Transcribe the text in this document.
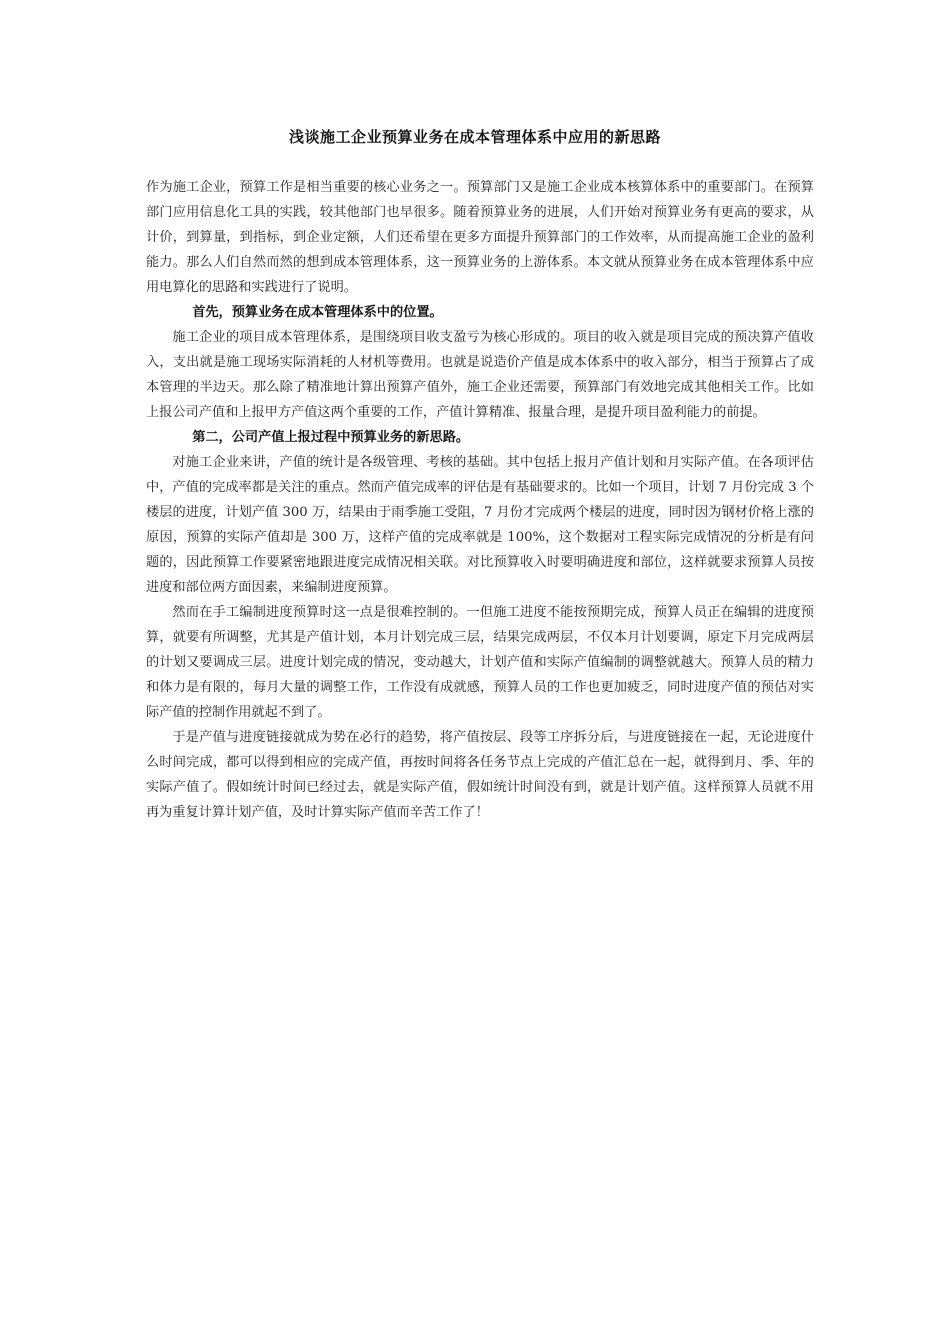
浅谈施工企业预算业务在成本管理体系中应用的新思路

作为施工企业，预算工作是相当重要的核心业务之一。预算部门又是施工企业成本核算体系中的重要部门。在预算部门应用信息化工具的实践，较其他部门也早很多。随着预算业务的进展，人们开始对预算业务有更高的要求，从计价，到算量，到指标，到企业定额，人们还希望在更多方面提升预算部门的工作效率，从而提高施工企业的盈利能力。那么人们自然而然的想到成本管理体系，这一预算业务的上游体系。本文就从预算业务在成本管理体系中应用电算化的思路和实践进行了说明。

首先，预算业务在成本管理体系中的位置。

施工企业的项目成本管理体系，是围绕项目收支盈亏为核心形成的。项目的收入就是项目完成的预决算产值收入，支出就是施工现场实际消耗的人材机等费用。也就是说造价产值是成本体系中的收入部分，相当于预算占了成本管理的半边天。那么除了精准地计算出预算产值外，施工企业还需要，预算部门有效地完成其他相关工作。比如上报公司产值和上报甲方产值这两个重要的工作，产值计算精准、报量合理，是提升项目盈利能力的前提。

第二，公司产值上报过程中预算业务的新思路。

对施工企业来讲，产值的统计是各级管理、考核的基础。其中包括上报月产值计划和月实际产值。在各项评估中，产值的完成率都是关注的重点。然而产值完成率的评估是有基础要求的。比如一个项目，计划 7 月份完成 3 个楼层的进度，计划产值 300 万，结果由于雨季施工受阻，7 月份才完成两个楼层的进度，同时因为钢材价格上涨的原因，预算的实际产值却是 300 万，这样产值的完成率就是 100%，这个数据对工程实际完成情况的分析是有问题的，因此预算工作要紧密地跟进度完成情况相关联。对比预算收入时要明确进度和部位，这样就要求预算人员按进度和部位两方面因素，来编制进度预算。

然而在手工编制进度预算时这一点是很难控制的。一但施工进度不能按预期完成，预算人员正在编辑的进度预算，就要有所调整，尤其是产值计划，本月计划完成三层，结果完成两层，不仅本月计划要调，原定下月完成两层的计划又要调成三层。进度计划完成的情况，变动越大，计划产值和实际产值编制的调整就越大。预算人员的精力和体力是有限的，每月大量的调整工作，工作没有成就感，预算人员的工作也更加疲乏，同时进度产值的预估对实际产值的控制作用就起不到了。

于是产值与进度链接就成为势在必行的趋势，将产值按层、段等工序拆分后，与进度链接在一起，无论进度什么时间完成，都可以得到相应的完成产值，再按时间将各任务节点上完成的产值汇总在一起，就得到月、季、年的实际产值了。假如统计时间已经过去，就是实际产值，假如统计时间没有到，就是计划产值。这样预算人员就不用再为重复计算计划产值，及时计算实际产值而辛苦工作了！
